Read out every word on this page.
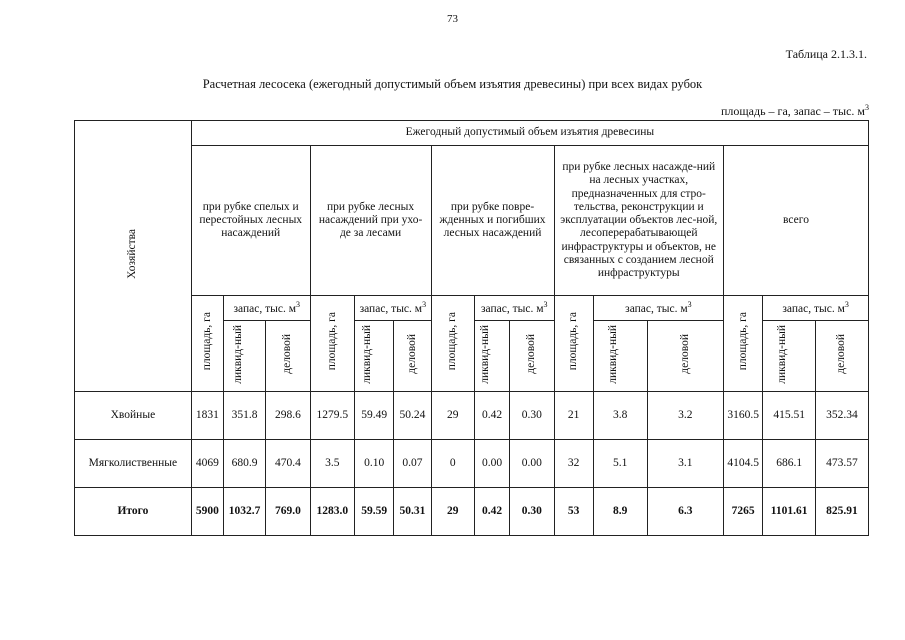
73
Таблица 2.1.3.1.
Расчетная лесосека (ежегодный допустимый объем изъятия древесины) при всех видах рубок
площадь – га, запас – тыс. $м^3$
Хозяйства	Ежегодный допустимый объем изъятия древесины														
	при рубке спелых и перестойных лесных насаждений			при рубке лесных насаждений при ухо-де за лесами			при рубке повре-жденных и погибших лесных насаждений			при рубке лесных насажде-ний на лесных участках, предназначенных для стро-тельства, реконструкции и эксплуатации объектов лес-ной, лесоперерабатывающей инфраструктуры и объектов, не связанных с созданием лесной инфраструктуры			всего		
	площадь, га	запас, тыс. $м^3$		площадь, га	запас, тыс. $м^3$		площадь, га	запас, тыс. $м^3$		площадь, га	запас, тыс. $м^3$		площадь, га	запас, тыс. $м^3$
		ликвид-ный	деловой		ликвид-ный	деловой		ликвид-ный	деловой		ликвид-ный	деловой		ликвид-ный	деловой
Хвойные	1831	351.8	298.6	1279.5	59.49	50.24	29	0.42	0.30	21	3.8	3.2	3160.5	415.51	352.34
Мягколиственные	4069	680.9	470.4	3.5	0.10	0.07	0	0.00	0.00	32	5.1	3.1	4104.5	686.1	473.57
Итого	5900	1032.7	769.0	1283.0	59.59	50.31	29	0.42	0.30	53	8.9	6.3	7265	1101.61	825.91
